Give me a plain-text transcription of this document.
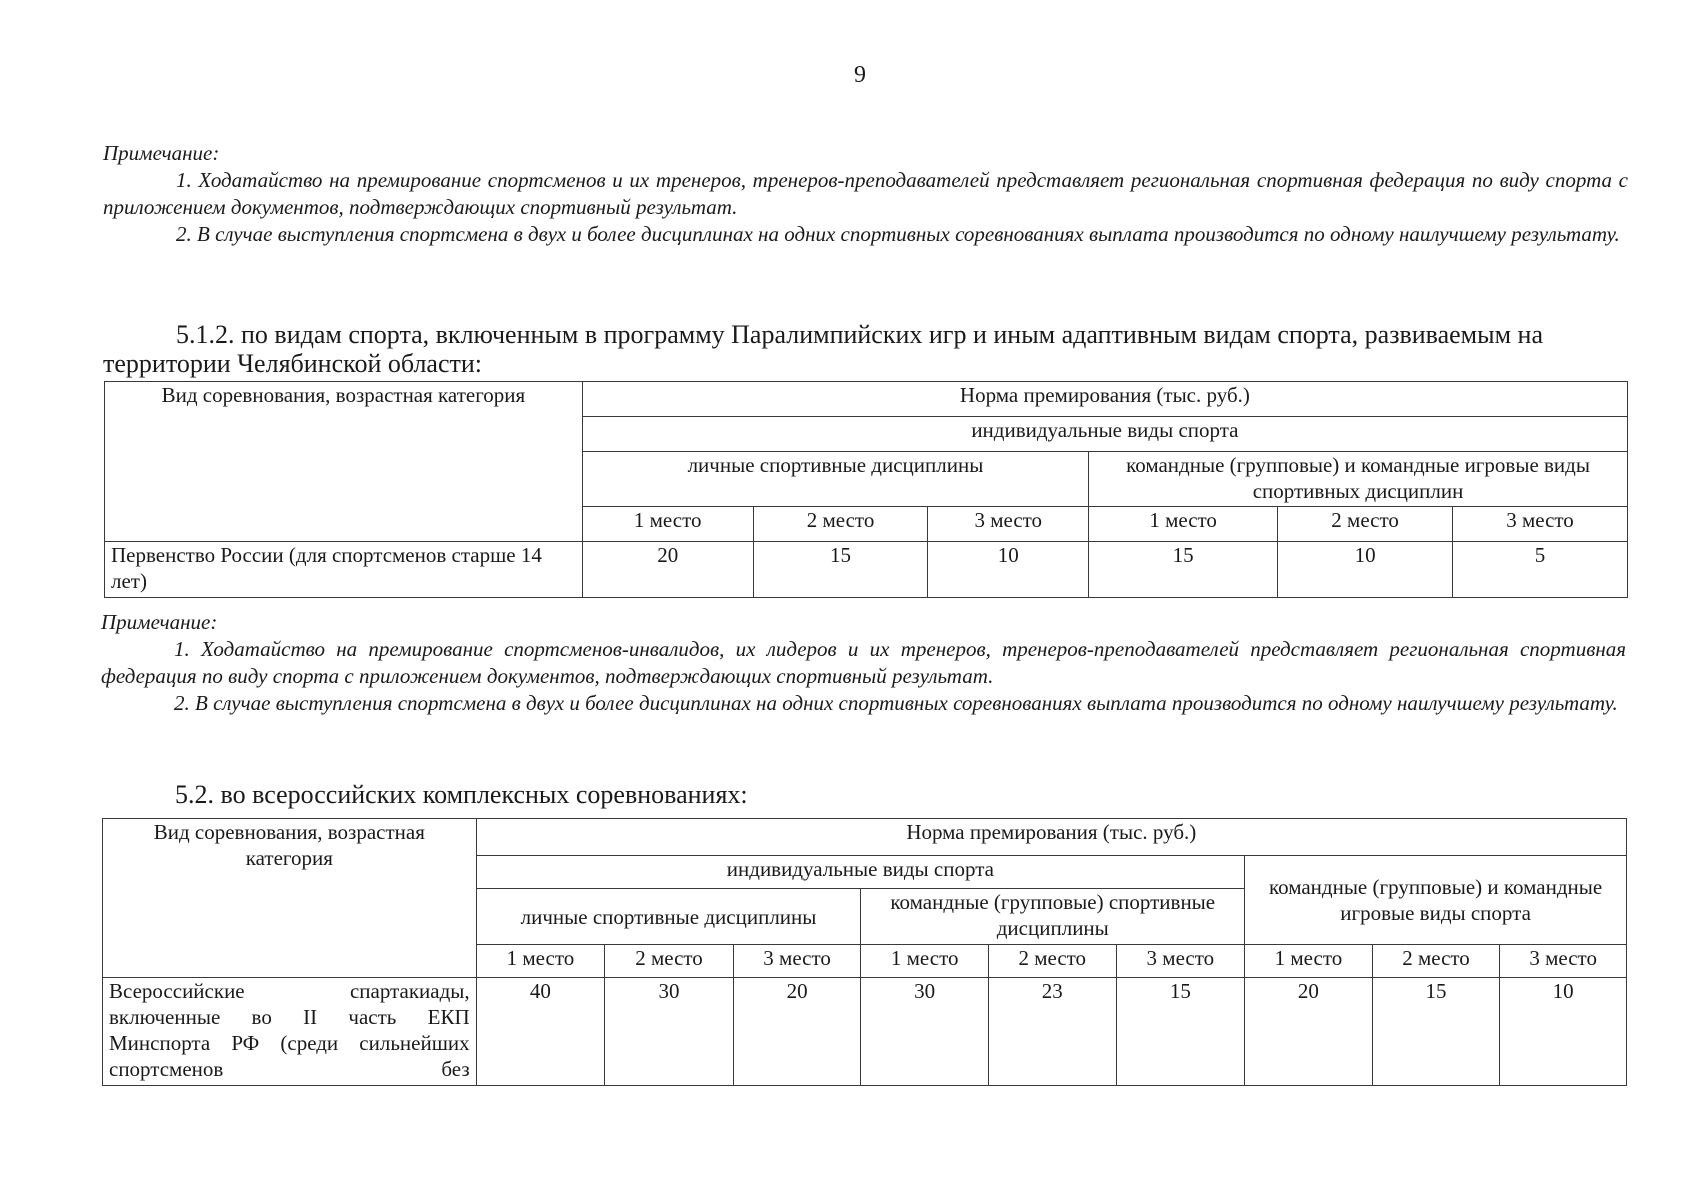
9
Примечание:
1. Ходатайство на премирование спортсменов и их тренеров, тренеров-преподавателей представляет региональная спортивная федерация по виду спорта с приложением документов, подтверждающих спортивный результат.
2. В случае выступления спортсмена в двух и более дисциплинах на одних спортивных соревнованиях выплата производится по одному наилучшему результату.
5.1.2. по видам спорта, включенным в программу Паралимпийских игр и иным адаптивным видам спорта, развиваемым на территории Челябинской области:
Вид соревнования, возрастная категория	Норма премирования (тыс. руб.)					
	индивидуальные виды спорта					
	личные спортивные дисциплины			командные (групповые) и командные игровые виды спортивных дисциплин		
	1 место	2 место	3 место	1 место	2 место	3 место
Первенство России (для спортсменов старше 14 лет)	20	15	10	15	10	5
Примечание:
1. Ходатайство на премирование спортсменов-инвалидов, их лидеров и их тренеров, тренеров-преподавателей представляет региональная спортивная федерация по виду спорта с приложением документов, подтверждающих спортивный результат.
2. В случае выступления спортсмена в двух и более дисциплинах на одних спортивных соревнованиях выплата производится по одному наилучшему результату.
5.2. во всероссийских комплексных соревнованиях:
Вид соревнования, возрастная категория	Норма премирования (тыс. руб.)								
	индивидуальные виды спорта						командные (групповые) и командные игровые виды спорта		
	личные спортивные дисциплины			командные (групповые) спортивные дисциплины					
	1 место	2 место	3 место	1 место	2 место	3 место	1 место	2 место	3 место
Всероссийские спартакиады, включенные во II часть ЕКП Минспорта РФ (среди сильнейших спортсменов без	40	30	20	30	23	15	20	15	10
